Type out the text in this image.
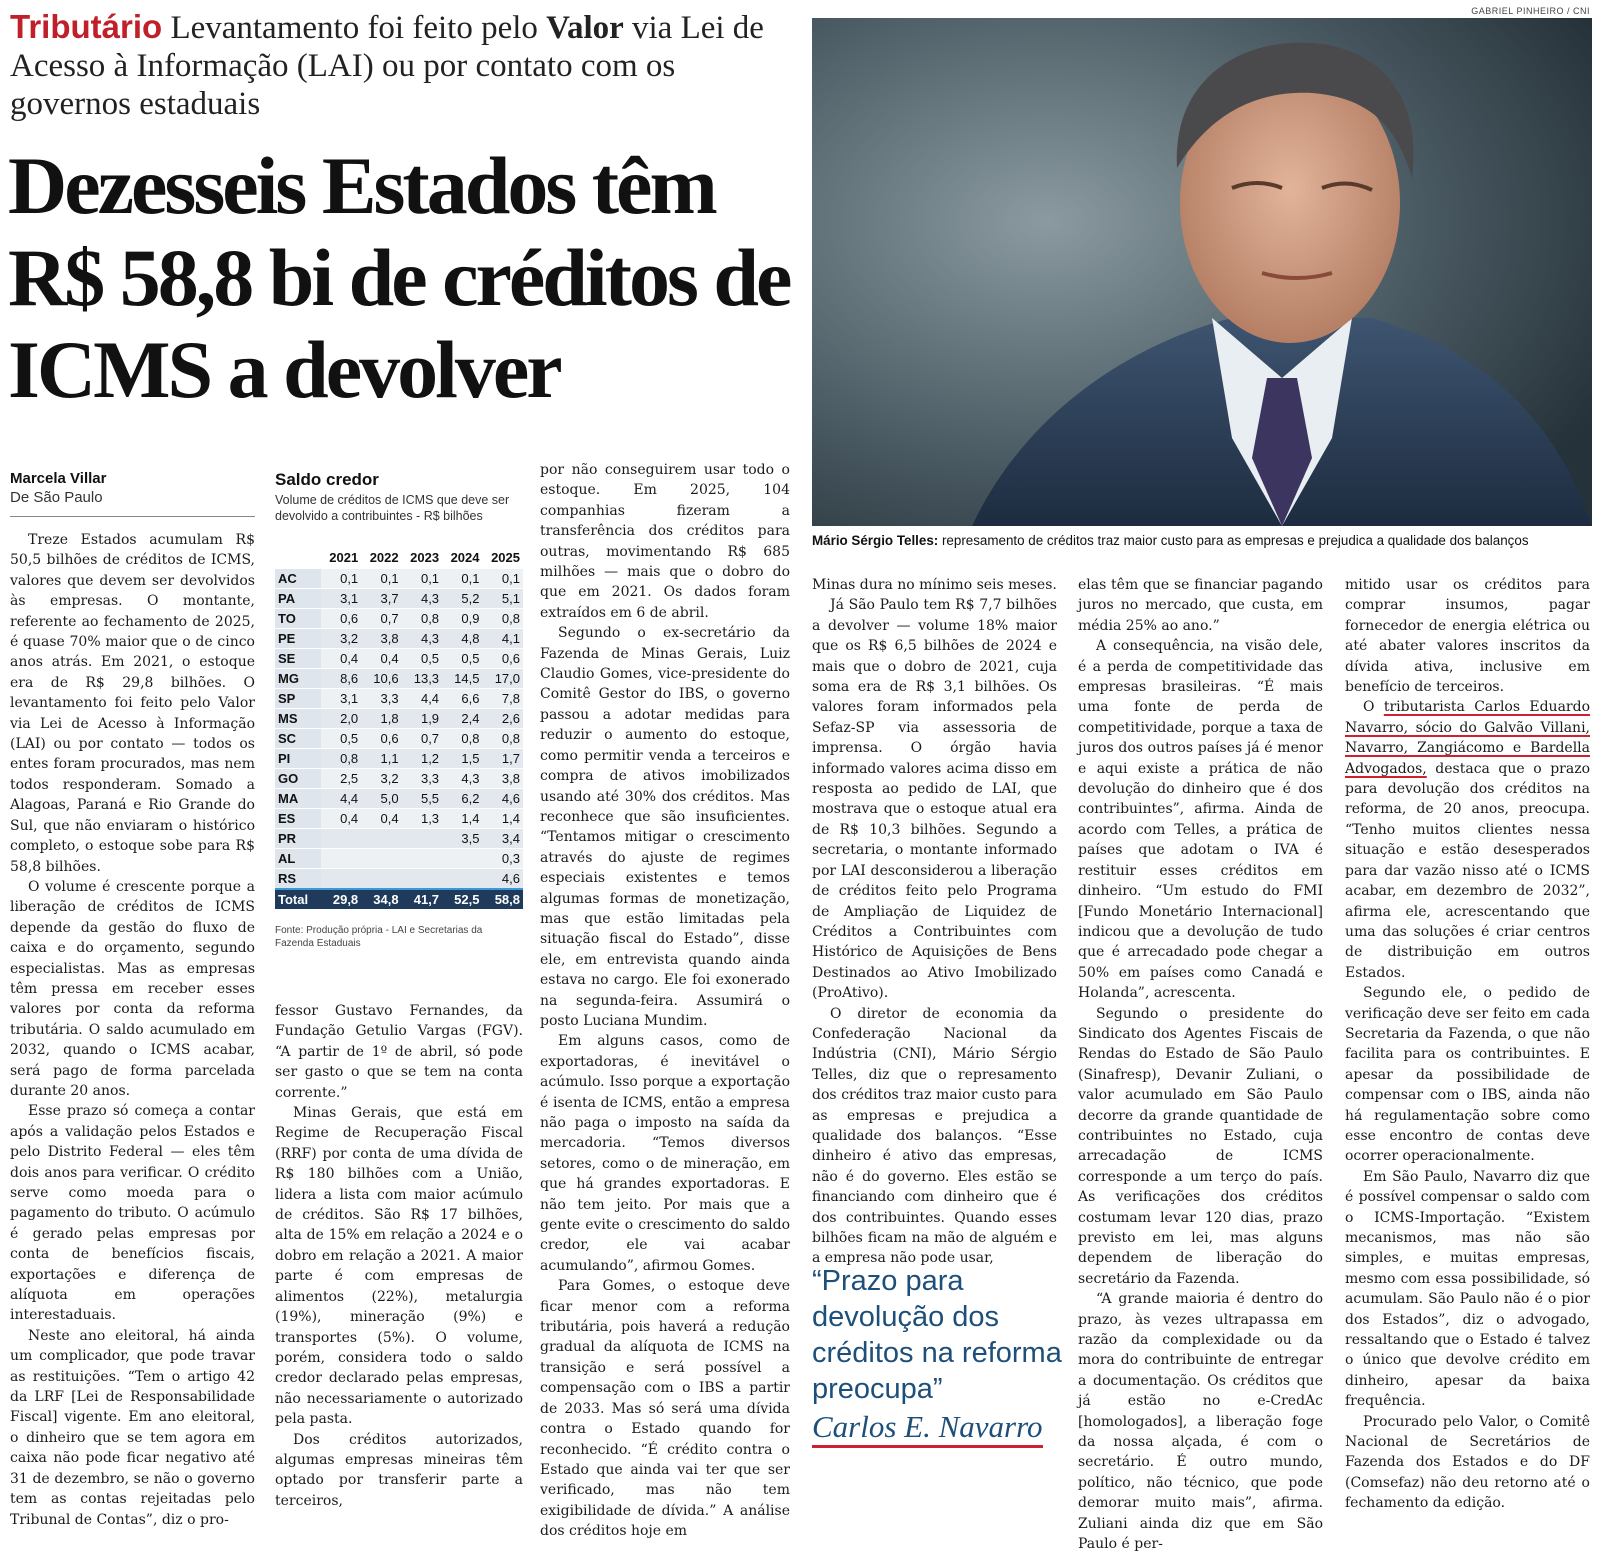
Tributário Levantamento foi feito pelo Valor via Lei de Acesso à Informação (LAI) ou por contato com os governos estaduais
Dezesseis Estados têm R$ 58,8 bi de créditos de ICMS a devolver
Marcela Villar
De São Paulo

Treze Estados acumulam R$ 50,5 bilhões de créditos de ICMS, valores que devem ser devolvidos às empresas. O montante, referente ao fechamento de 2025, é quase 70% maior que o de cinco anos atrás. Em 2021, o estoque era de R$ 29,8 bilhões. O levantamento foi feito pelo Valor via Lei de Acesso à Informação (LAI) ou por contato — todos os entes foram procurados, mas nem todos responderam. Somado a Alagoas, Paraná e Rio Grande do Sul, que não enviaram o histórico completo, o estoque sobe para R$ 58,8 bilhões.

O volume é crescente porque a liberação de créditos de ICMS depende da gestão do fluxo de caixa e do orçamento, segundo especialistas. Mas as empresas têm pressa em receber esses valores por conta da reforma tributária. O saldo acumulado em 2032, quando o ICMS acabar, será pago de forma parcelada durante 20 anos.

Esse prazo só começa a contar após a validação pelos Estados e pelo Distrito Federal — eles têm dois anos para verificar. O crédito serve como moeda para o pagamento do tributo. O acúmulo é gerado pelas empresas por conta de benefícios fiscais, exportações e diferença de alíquota em operações interestaduais.

Neste ano eleitoral, há ainda um complicador, que pode travar as restituições. “Tem o artigo 42 da LRF [Lei de Responsabilidade Fiscal] vigente. Em ano eleitoral, o dinheiro que se tem agora em caixa não pode ficar negativo até 31 de dezembro, se não o governo tem as contas rejeitadas pelo Tribunal de Contas”, diz o pro-

Saldo credor
Volume de créditos de ICMS que deve ser devolvido a contribuintes - R$ bilhões
	2021	2022	2023	2024	2025
AC	0,1	0,1	0,1	0,1	0,1
PA	3,1	3,7	4,3	5,2	5,1
TO	0,6	0,7	0,8	0,9	0,8
PE	3,2	3,8	4,3	4,8	4,1
SE	0,4	0,4	0,5	0,5	0,6
MG	8,6	10,6	13,3	14,5	17,0
SP	3,1	3,3	4,4	6,6	7,8
MS	2,0	1,8	1,9	2,4	2,6
SC	0,5	0,6	0,7	0,8	0,8
PI	0,8	1,1	1,2	1,5	1,7
GO	2,5	3,2	3,3	4,3	3,8
MA	4,4	5,0	5,5	6,2	4,6
ES	0,4	0,4	1,3	1,4	1,4
PR				3,5	3,4
AL					0,3
RS					4,6
Total	29,8	34,8	41,7	52,5	58,8
Fonte: Produção própria - LAI e Secretarias da Fazenda Estaduais

fessor Gustavo Fernandes, da Fundação Getulio Vargas (FGV). “A partir de 1º de abril, só pode ser gasto o que se tem na conta corrente.”

Minas Gerais, que está em Regime de Recuperação Fiscal (RRF) por conta de uma dívida de R$ 180 bilhões com a União, lidera a lista com maior acúmulo de créditos. São R$ 17 bilhões, alta de 15% em relação a 2024 e o dobro em relação a 2021. A maior parte é com empresas de alimentos (22%), metalurgia (19%), mineração (9%) e transportes (5%). O volume, porém, considera todo o saldo credor declarado pelas empresas, não necessariamente o autorizado pela pasta.

Dos créditos autorizados, algumas empresas mineiras têm optado por transferir parte a terceiros,

por não conseguirem usar todo o estoque. Em 2025, 104 companhias fizeram a transferência dos créditos para outras, movimentando R$ 685 milhões — mais que o dobro do que em 2021. Os dados foram extraídos em 6 de abril.

Segundo o ex-secretário da Fazenda de Minas Gerais, Luiz Claudio Gomes, vice-presidente do Comitê Gestor do IBS, o governo passou a adotar medidas para reduzir o aumento do estoque, como permitir venda a terceiros e compra de ativos imobilizados usando até 30% dos créditos. Mas reconhece que são insuficientes. “Tentamos mitigar o crescimento através do ajuste de regimes especiais existentes e temos algumas formas de monetização, mas que estão limitadas pela situação fiscal do Estado”, disse ele, em entrevista quando ainda estava no cargo. Ele foi exonerado na segunda-feira. Assumirá o posto Luciana Mundim.

Em alguns casos, como de exportadoras, é inevitável o acúmulo. Isso porque a exportação é isenta de ICMS, então a empresa não paga o imposto na saída da mercadoria. “Temos diversos setores, como o de mineração, em que há grandes exportadoras. E não tem jeito. Por mais que a gente evite o crescimento do saldo credor, ele vai acabar acumulando”, afirmou Gomes.

Para Gomes, o estoque deve ficar menor com a reforma tributária, pois haverá a redução gradual da alíquota de ICMS na transição e será possível a compensação com o IBS a partir de 2033. Mas só será uma dívida contra o Estado quando for reconhecido. “É crédito contra o Estado que ainda vai ter que ser verificado, mas não tem exigibilidade de dívida.” A análise dos créditos hoje em

GABRIEL PINHEIRO / CNI
Mário Sérgio Telles: represamento de créditos traz maior custo para as empresas e prejudica a qualidade dos balanços

Minas dura no mínimo seis meses.

Já São Paulo tem R$ 7,7 bilhões a devolver — volume 18% maior que os R$ 6,5 bilhões de 2024 e mais que o dobro de 2021, cuja soma era de R$ 3,1 bilhões. Os valores foram informados pela Sefaz-SP via assessoria de imprensa. O órgão havia informado valores acima disso em resposta ao pedido de LAI, que mostrava que o estoque atual era de R$ 10,3 bilhões. Segundo a secretaria, o montante informado por LAI desconsiderou a liberação de créditos feito pelo Programa de Ampliação de Liquidez de Créditos a Contribuintes com Histórico de Aquisições de Bens Destinados ao Ativo Imobilizado (ProAtivo).

O diretor de economia da Confederação Nacional da Indústria (CNI), Mário Sérgio Telles, diz que o represamento dos créditos traz maior custo para as empresas e prejudica a qualidade dos balanços. “Esse dinheiro é ativo das empresas, não é do governo. Eles estão se financiando com dinheiro que é dos contribuintes. Quando esses bilhões ficam na mão de alguém e a empresa não pode usar,

“Prazo para devolução dos créditos na reforma preocupa”
Carlos E. Navarro

elas têm que se financiar pagando juros no mercado, que custa, em média 25% ao ano.”

A consequência, na visão dele, é a perda de competitividade das empresas brasileiras. “É mais uma fonte de perda de competitividade, porque a taxa de juros dos outros países já é menor e aqui existe a prática de não devolução do dinheiro que é dos contribuintes”, afirma. Ainda de acordo com Telles, a prática de países que adotam o IVA é restituir esses créditos em dinheiro. “Um estudo do FMI [Fundo Monetário Internacional] indicou que a devolução de tudo que é arrecadado pode chegar a 50% em países como Canadá e Holanda”, acrescenta.

Segundo o presidente do Sindicato dos Agentes Fiscais de Rendas do Estado de São Paulo (Sinafresp), Devanir Zuliani, o valor acumulado em São Paulo decorre da grande quantidade de contribuintes no Estado, cuja arrecadação de ICMS corresponde a um terço do país. As verificações dos créditos costumam levar 120 dias, prazo previsto em lei, mas alguns dependem de liberação do secretário da Fazenda.

“A grande maioria é dentro do prazo, às vezes ultrapassa em razão da complexidade ou da mora do contribuinte de entregar a documentação. Os créditos que já estão no e-CredAc [homologados], a liberação foge da nossa alçada, é com o secretário. É outro mundo, político, não técnico, que pode demorar muito mais”, afirma. Zuliani ainda diz que em São Paulo é per-

mitido usar os créditos para comprar insumos, pagar fornecedor de energia elétrica ou até abater valores inscritos da dívida ativa, inclusive em benefício de terceiros.

O tributarista Carlos Eduardo Navarro, sócio do Galvão Villani, Navarro, Zangiácomo e Bardella Advogados, destaca que o prazo para devolução dos créditos na reforma, de 20 anos, preocupa. “Tenho muitos clientes nessa situação e estão desesperados para dar vazão nisso até o ICMS acabar, em dezembro de 2032”, afirma ele, acrescentando que uma das soluções é criar centros de distribuição em outros Estados.

Segundo ele, o pedido de verificação deve ser feito em cada Secretaria da Fazenda, o que não facilita para os contribuintes. E apesar da possibilidade de compensar com o IBS, ainda não há regulamentação sobre como esse encontro de contas deve ocorrer operacionalmente.

Em São Paulo, Navarro diz que é possível compensar o saldo com o ICMS-Importação. “Existem mecanismos, mas não são simples, e muitas empresas, mesmo com essa possibilidade, só acumulam. São Paulo não é o pior dos Estados”, diz o advogado, ressaltando que o Estado é talvez o único que devolve crédito em dinheiro, apesar da baixa frequência.

Procurado pelo Valor, o Comitê Nacional de Secretários de Fazenda dos Estados e do DF (Comsefaz) não deu retorno até o fechamento da edição.
